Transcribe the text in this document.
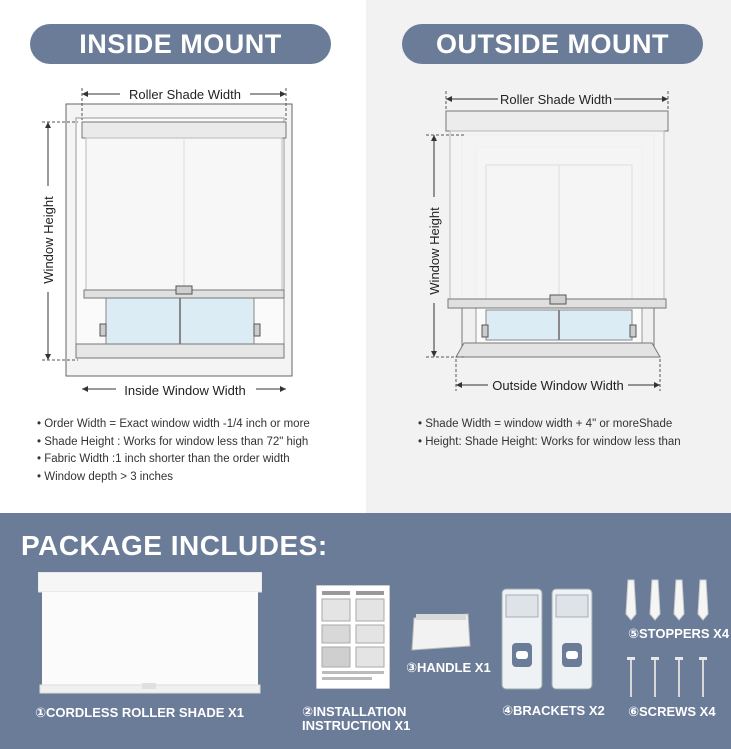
INSIDE MOUNT	OUTSIDE MOUNT
Roller Shade Width
Window Height
Inside Window Width
Roller Shade Width
Window Height
Outside Window Width
• Order Width = Exact window width -1/4 inch or more
• Shade Height : Works for window less than 72" high
• Fabric Width :1 inch shorter than the order width
• Window depth > 3 inches
• Shade Width = window width + 4" or moreShade
• Height: Shade Height: Works for window less than
PACKAGE INCLUDES:
①CORDLESS ROLLER SHADE X1	②INSTALLATION
INSTRUCTION X1
③HANDLE X1
④BRACKETS X2
⑤STOPPERS X4
⑥SCREWS X4
